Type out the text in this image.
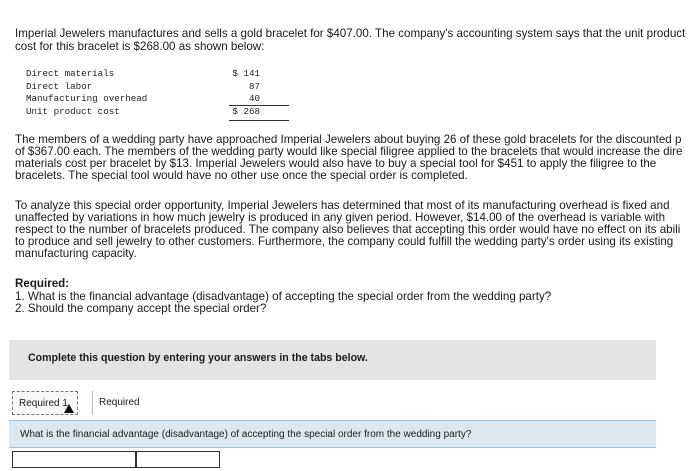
Imperial Jewelers manufactures and sells a gold bracelet for $407.00. The company's accounting system says that the unit product

cost for this bracelet is $268.00 as shown below:

Direct materials	$ 141
Direct labor	87
Manufacturing overhead	40
Unit product cost	$ 268

The members of a wedding party have approached Imperial Jewelers about buying 26 of these gold bracelets for the discounted p

of $367.00 each. The members of the wedding party would like special filigree applied to the bracelets that would increase the dire

materials cost per bracelet by $13. Imperial Jewelers would also have to buy a special tool for $451 to apply the filigree to the

bracelets. The special tool would have no other use once the special order is completed.

To analyze this special order opportunity, Imperial Jewelers has determined that most of its manufacturing overhead is fixed and

unaffected by variations in how much jewelry is produced in any given period. However, $14.00 of the overhead is variable with

respect to the number of bracelets produced. The company also believes that accepting this order would have no effect on its abili

to produce and sell jewelry to other customers. Furthermore, the company could fulfill the wedding party's order using its existing

manufacturing capacity.

Required:

1. What is the financial advantage (disadvantage) of accepting the special order from the wedding party?

2. Should the company accept the special order?

Complete this question by entering your answers in the tabs below.
Required 1	Required
What is the financial advantage (disadvantage) of accepting the special order from the wedding party?
